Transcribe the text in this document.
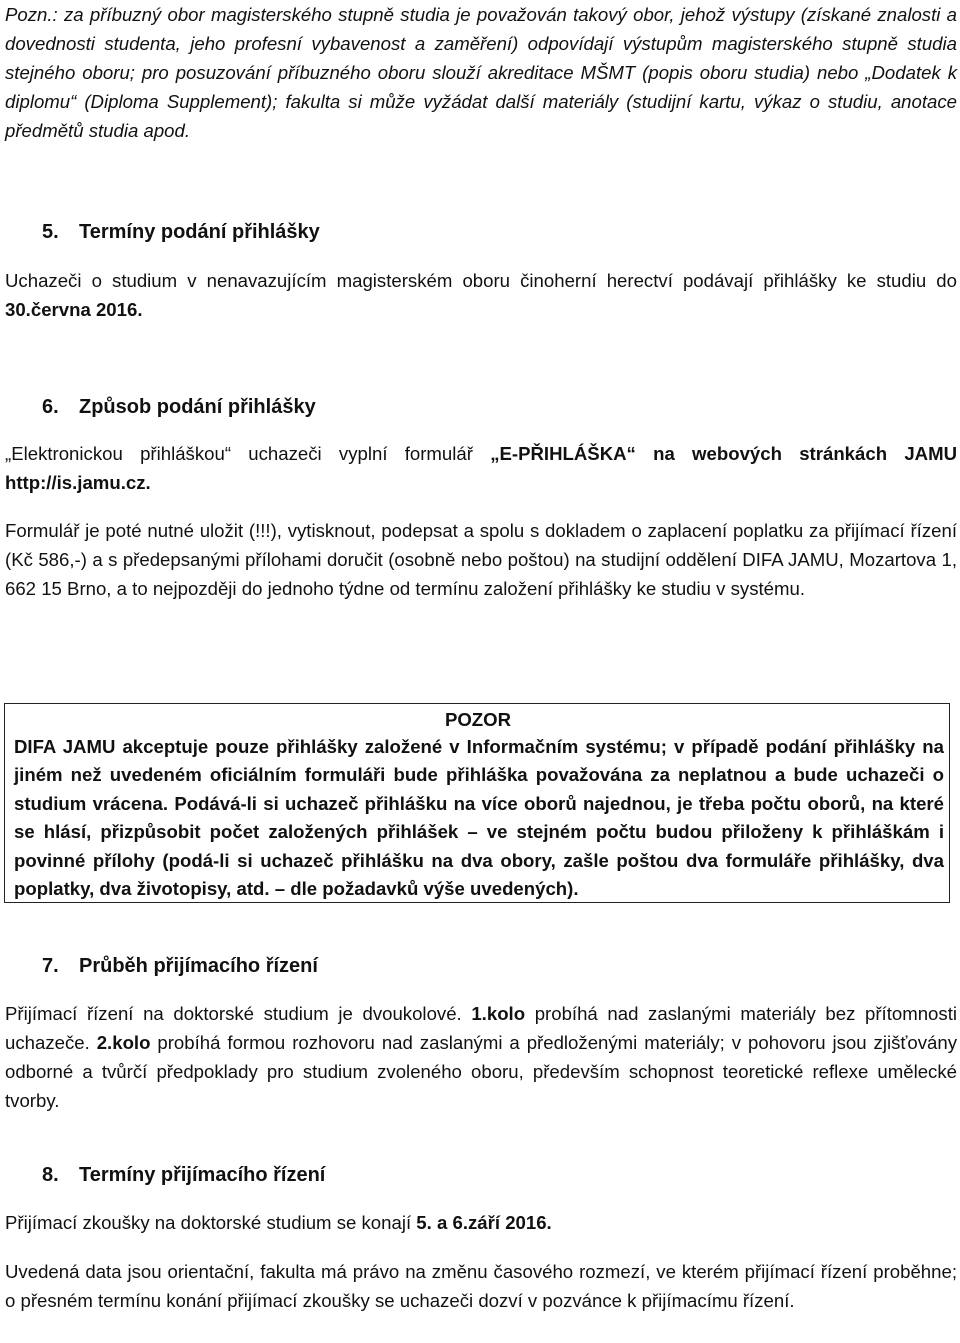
Pozn.: za příbuzný obor magisterského stupně studia je považován takový obor, jehož výstupy (získané znalosti a dovednosti studenta, jeho profesní vybavenost a zaměření) odpovídají výstupům magisterského stupně studia stejného oboru; pro posuzování příbuzného oboru slouží akreditace MŠMT (popis oboru studia) nebo „Dodatek k diplomu“ (Diploma Supplement); fakulta si může vyžádat další materiály (studijní kartu, výkaz o studiu, anotace předmětů studia apod.

5. Termíny podání přihlášky

Uchazeči o studium v nenavazujícím magisterském oboru činoherní herectví podávají přihlášky ke studiu do 30.června 2016.

6. Způsob podání přihlášky

„Elektronickou přihláškou“ uchazeči vyplní formulář „E-PŘIHLÁŠKA“ na webových stránkách JAMU http://is.jamu.cz.

Formulář je poté nutné uložit (!!!), vytisknout, podepsat a spolu s dokladem o zaplacení poplatku za přijímací řízení (Kč 586,-) a s předepsanými přílohami doručit (osobně nebo poštou) na studijní oddělení DIFA JAMU, Mozartova 1, 662 15 Brno, a to nejpozději do jednoho týdne od termínu založení přihlášky ke studiu v systému.

POZOR

DIFA JAMU akceptuje pouze přihlášky založené v Informačním systému; v případě podání přihlášky na jiném než uvedeném oficiálním formuláři bude přihláška považována za neplatnou a bude uchazeči o studium vrácena. Podává-li si uchazeč přihlášku na více oborů najednou, je třeba počtu oborů, na které se hlásí, přizpůsobit počet založených přihlášek – ve stejném počtu budou přiloženy k přihláškám i povinné přílohy (podá-li si uchazeč přihlášku na dva obory, zašle poštou dva formuláře přihlášky, dva poplatky, dva životopisy, atd. – dle požadavků výše uvedených).

7. Průběh přijímacího řízení

Přijímací řízení na doktorské studium je dvoukolové. 1.kolo probíhá nad zaslanými materiály bez přítomnosti uchazeče. 2.kolo probíhá formou rozhovoru nad zaslanými a předloženými materiály; v pohovoru jsou zjišťovány odborné a tvůrčí předpoklady pro studium zvoleného oboru, především schopnost teoretické reflexe umělecké tvorby.

8. Termíny přijímacího řízení

Přijímací zkoušky na doktorské studium se konají 5. a 6.září 2016.

Uvedená data jsou orientační, fakulta má právo na změnu časového rozmezí, ve kterém přijímací řízení proběhne; o přesném termínu konání přijímací zkoušky se uchazeči dozví v pozvánce k přijímacímu řízení.
